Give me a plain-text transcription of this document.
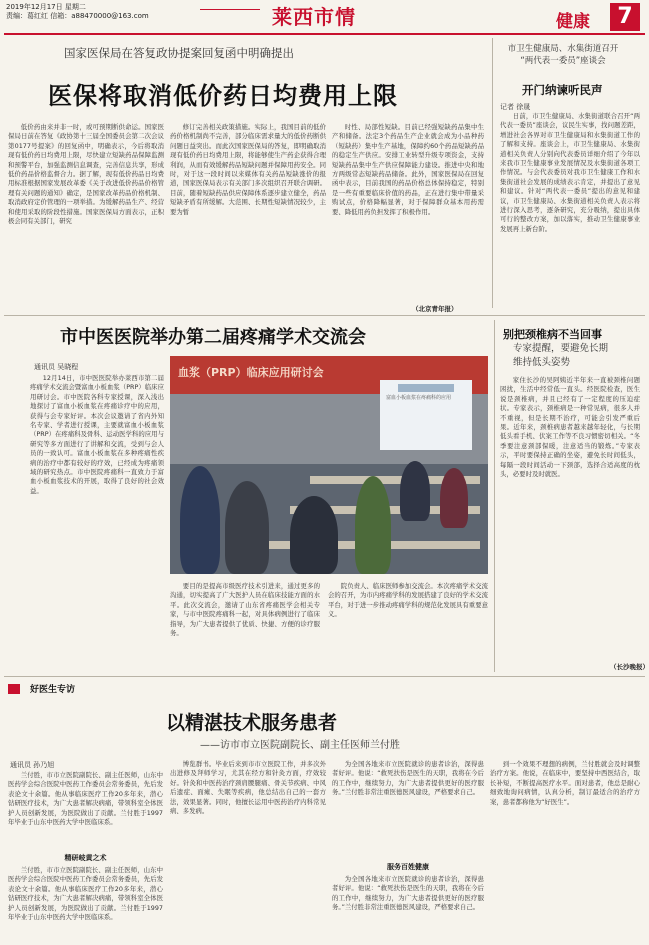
2019年12月17日 星期二
责编：葛红红 信箱：a88470000@163.com	莱西市情	健康	7
国家医保局在答复政协提案回复函中明确提出
医保将取消低价药日均费用上限

低价药由来并非一时，或可预期断供命运。国家医保局日前在答复《政协第十三届全国委员会第二次会议第0177号提案》的回复函中，明确表示，今后将取消现有低价药日均费用上限，尽快建立短缺药品保障监测和预警平台，加强监测信息调查，完善信息共享，形成低价药品价格监督合力。据了解，现有低价药品日均费用标准根据国家发展改革委《关于改进低价药品价格管理有关问题的通知》确定，是国家改革药品价格机制、取消政府定价管理的一项举措。为缓解药品生产、经营和使用采取的阶段性措施。国家医保局方面表示，正积极会同有关部门，研究

修订完善相关政策措施。实际上，我国目前的低价药价格机制尚不完善，部分临床需求量大的低价药断供问题日益突出。而此次国家医保局的答复，即明确取消现有低价药日均费用上限，将能够使生产药企获得合理利润，从而有效缓解药品短缺问题并保障用药安全。同时，对于这一段时间以来媒体有关药品短缺涨价的报道，国家医保局表示有关部门多次组织召开联合调研。目前，随着短缺药品供应保障体系逐步建立健全，药品短缺矛盾有所缓解。大范围、长期性短缺情况较少，主要为暂

时性、局部性短缺。目前已经强短缺药品集中生产和储备。法定3个药品生产企业就会成为小品种药（短缺药）集中生产基地，保障约60个药品短缺药品的稳定生产供应。安排工业转型升级专项资金，支持短缺药品集中生产供应保障能力建设。推进中央和地方两级常态短缺药品储备。此外，国家医保局在回复函中表示，目前我国的药品价格总体保持稳定，特别是一些有重要临床价值的药品，正在进行集中带量采购试点，价格降幅显著，对于保障群众基本用药需要、降低用药负担发挥了积极作用。

（北京青年报）
市卫生健康局、水集街道召开
“两代表一委员”座谈会
开门纳谏听民声
记者 徐晟

日前，市卫生健康局、水集街道联合召开“两代表一委员”座谈会，议民生实事，找问题差距，增进社会各界对市卫生健康局和水集街道工作的了解和支持。座谈会上，市卫生健康局、水集街道相关负责人分别向代表委员详细介绍了今年以来我市卫生健康事业发展情况及水集街道各项工作情况。与会代表委员对我市卫生健康工作和水集街道社会发展的成绩表示肯定，并提出了意见和建议。针对“两代表一委员”提出的意见和建议，市卫生健康局、水集街道相关负责人表示将进行深入思考，逐条研究，充分吸纳，提出具体可行的整改方案，加以落实，推动卫生健康事业发展再上新台阶。

市中医医院举办第二届疼痛学术交流会
通讯员 吴晓程

12月14日，市中医医院举办莱西市第二届疼痛学术交流会暨富血小板血浆（PRP）临床应用研讨会。市中医院各科专家授课，深入浅出地探讨了富血小板血浆在疼痛诊疗中的应用，获得与会专家好评。本次会议邀请了省内外知名专家、学者进行授课，主要就富血小板血浆（PRP）在疼痛科及骨科、运动医学科的应用与研究等多方面进行了讲解和交流，受到与会人员的一致认可。富血小板血浆在多种疼痛性疾病的治疗中都有较好的疗效，已经成为疼痛领域的研究热点。市中医院疼痛科一直致力于富血小板血浆技术的开展，取得了良好的社会效益。

血浆（PRP）临床应用研讨会
富血小板血浆在疼痛科的应用

要目的是提高市级医疗技术引进来，通过更多的沟通，切实提高了广大医护人员在临床技能方面的水平。此次交流会，邀请了山东省疼痛医学会相关专家，与市中医院疼痛科一起，对具体病例进行了临床指导，为广大患者提供了优质、快捷、方便的诊疗服务。

院负责人、临床医师参加交流会。本次疼痛学术交流会的召开，为市内疼痛学科的发展搭建了良好的学术交流平台，对于进一步推动疼痛学科的规范化发展具有重要意义。

别把颈椎病不当回事
专家提醒，要避免长期
维持低头姿势

家住长沙的吴阿姨近半年来一直被颈椎问题困扰，生活中经常低一直头。经医院检查，医生说是颈椎病，并且已经有了一定程度的压迫症状。专家表示，颈椎病是一种常见病，很多人并不重视，但是长期不治疗，可能会引发严重后果。近年来，颈椎病患者越来越年轻化，与长期低头看手机、伏案工作等不良习惯密切相关。“冬季要注意颈部保暖，注意适当的锻炼。”专家表示，平时要保持正确的坐姿，避免长时间低头，每隔一段时间活动一下颈部，选择合适高度的枕头，必要时及时就医。

（长沙晚报）
好医生专访
以精湛技术服务患者
——访市市立医院副院长、副主任医师兰付胜
通讯员 孙乃旭

兰付胜，市市立医院副院长、副主任医师，山东中医药学会综合医院中医药工作委员会常务委员，先后发表论文十余篇。他从事临床医疗工作20多年来，潜心钻研医疗技术，为广大患者解决病痛，带领科室全体医护人员创新发展，为医院做出了贡献。兰付胜于1997年毕业于山东中医药大学中医临床系。

精研岐黄之术

兰付胜，市市立医院副院长、副主任医师，山东中医药学会综合医院中医药工作委员会常务委员，先后发表论文十余篇。他从事临床医疗工作20多年来，潜心钻研医疗技术，为广大患者解决病痛，带领科室全体医护人员创新发展，为医院做出了贡献。兰付胜于1997年毕业于山东中医药大学中医临床系。

博览群书。毕业后来到市市立医院工作，并多次外出进修及拜师学习，尤其在经方和针灸方面，疗效较好。针灸和中医药治疗颈肩腰腿痛、骨关节疾病、中风后遗症、面瘫、失眠等疾病，他总结出自己的一套方法，效果显著。同时，他擅长运用中医药治疗内科常见病、多发病。

为全国各地来市立医院就诊的患者诊治，深得患者好评。他说：“救死扶伤是医生的天职，我将在今后的工作中，继续努力，为广大患者提供更好的医疗服务。”兰付胜非常注重医德医风建设，严格要求自己。

服务百姓健康

为全国各地来市立医院就诊的患者诊治，深得患者好评。他说：“救死扶伤是医生的天职，我将在今后的工作中，继续努力，为广大患者提供更好的医疗服务。”兰付胜非常注重医德医风建设，严格要求自己。

到一个效果不理想的病例，兰付胜就会及时调整治疗方案。他说，在临床中，要坚持中西医结合，取长补短，不断提高医疗水平。面对患者，他总是耐心细致地询问病情，认真分析，制订最适合的治疗方案，患者都称他为“好医生”。
